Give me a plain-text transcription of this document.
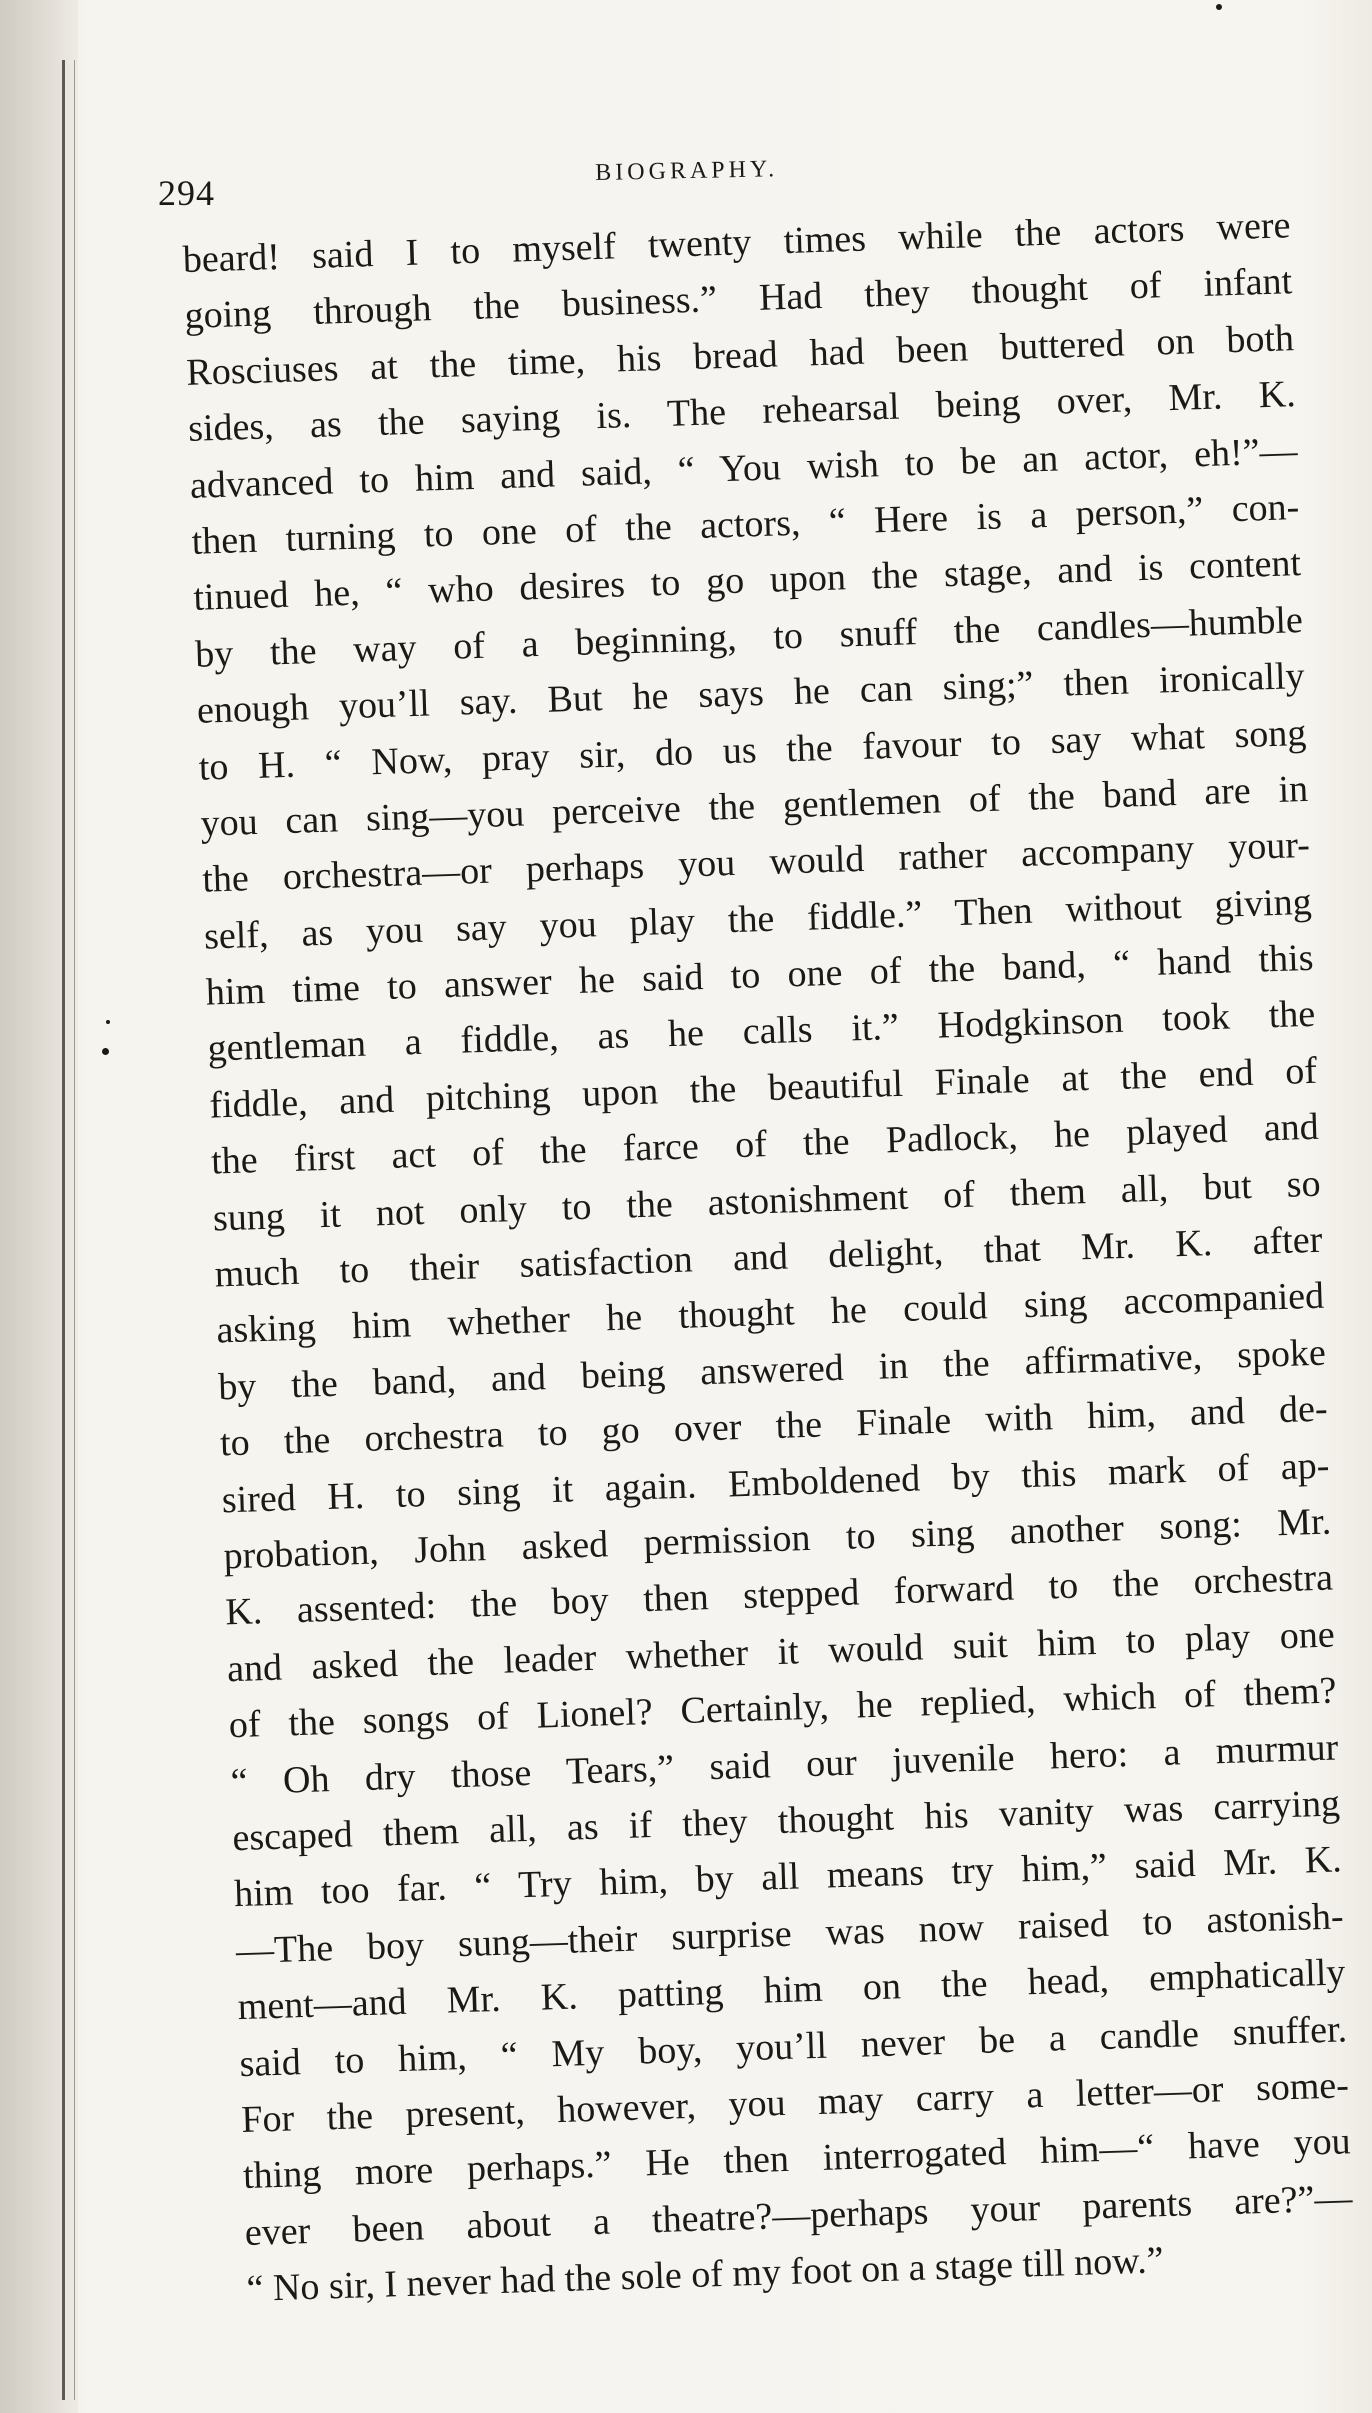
294
BIOGRAPHY.
beard! said I to myself twenty times while the actors were
going through the business.” Had they thought of infant
Rosciuses at the time, his bread had been buttered on both
sides, as the saying is. The rehearsal being over, Mr. K.
advanced to him and said, “ You wish to be an actor, eh!”—
then turning to one of the actors, “ Here is a person,” con-
tinued he, “ who desires to go upon the stage, and is content
by the way of a beginning, to snuff the candles—humble
enough you’ll say. But he says he can sing;” then ironically
to H. “ Now, pray sir, do us the favour to say what song
you can sing—you perceive the gentlemen of the band are in
the orchestra—or perhaps you would rather accompany your-
self, as you say you play the fiddle.” Then without giving
him time to answer he said to one of the band, “ hand this
gentleman a fiddle, as he calls it.” Hodgkinson took the
fiddle, and pitching upon the beautiful Finale at the end of
the first act of the farce of the Padlock, he played and
sung it not only to the astonishment of them all, but so
much to their satisfaction and delight, that Mr. K. after
asking him whether he thought he could sing accompanied
by the band, and being answered in the affirmative, spoke
to the orchestra to go over the Finale with him, and de-
sired H. to sing it again. Emboldened by this mark of ap-
probation, John asked permission to sing another song: Mr.
K. assented: the boy then stepped forward to the orchestra
and asked the leader whether it would suit him to play one
of the songs of Lionel? Certainly, he replied, which of them?
“ Oh dry those Tears,” said our juvenile hero: a murmur
escaped them all, as if they thought his vanity was carrying
him too far. “ Try him, by all means try him,” said Mr. K.
—The boy sung—their surprise was now raised to astonish-
ment—and Mr. K. patting him on the head, emphatically
said to him, “ My boy, you’ll never be a candle snuffer.
For the present, however, you may carry a letter—or some-
thing more perhaps.” He then interrogated him—“ have you
ever been about a theatre?—perhaps your parents are?”—
“ No sir, I never had the sole of my foot on a stage till now.”
